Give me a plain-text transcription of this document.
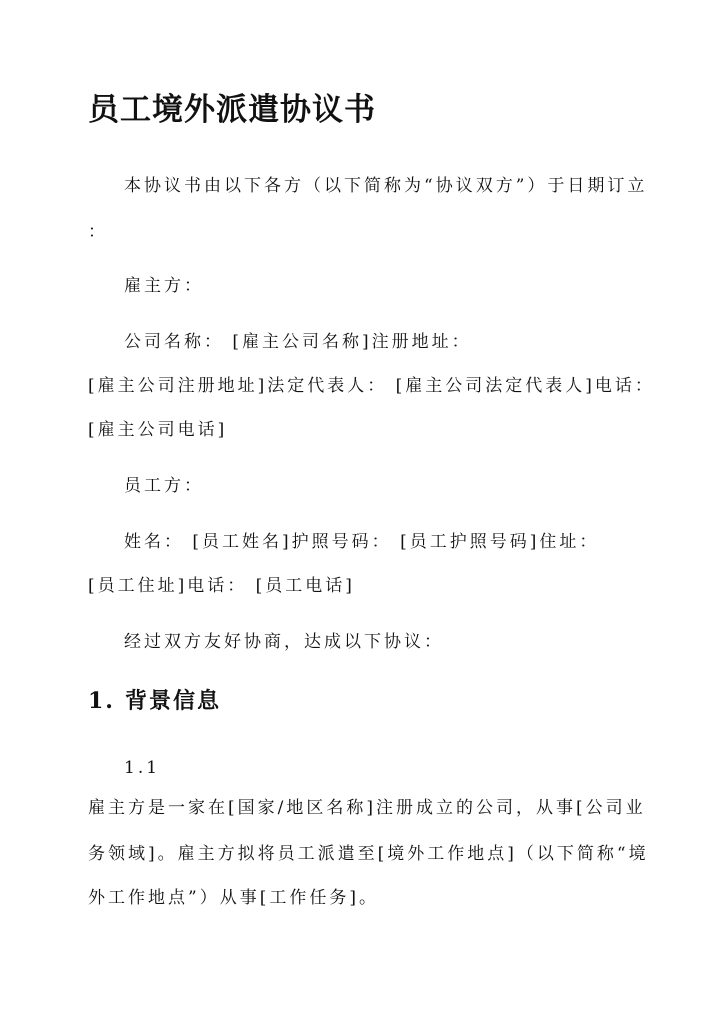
员工境外派遣协议书
本协议书由以下各方（以下简称为“协议双方”）于日期订立
：
雇主方：
公司名称： [雇主公司名称]注册地址：
[雇主公司注册地址]法定代表人： [雇主公司法定代表人]电话：
[雇主公司电话]
员工方：
姓名： [员工姓名]护照号码： [员工护照号码]住址：
[员工住址]电话： [员工电话]
经过双方友好协商，达成以下协议：
1. 背景信息
1.1
雇主方是一家在[国家/地区名称]注册成立的公司，从事[公司业
务领域]。雇主方拟将员工派遣至[境外工作地点]（以下简称“境
外工作地点”）从事[工作任务]。
